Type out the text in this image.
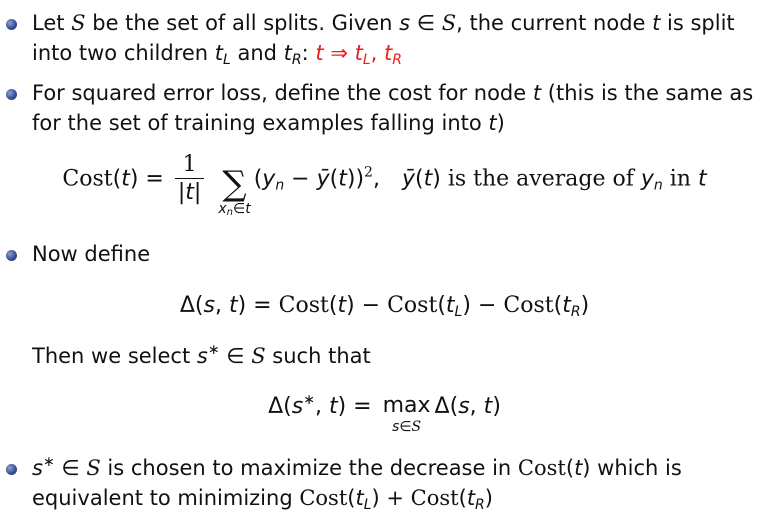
Let S be the set of all splits. Given s ∈ S, the current node t is split
into two children $t_L$ and $t_R$: t ⇒ $t_L$, $t_R$
For squared error loss, define the cost for node t (this is the same as
for the set of training examples falling into t)
Cost(t) = $\frac{1}{|t|}$
∑
$x_n\in t$
($y_n$ − ȳ(t))$^2$, ȳ(t) is the average of $y_n$ in t
Now define
Δ(s, t) = Cost(t) − $Cost(t_L)$ − $Cost(t_R)$
Then we select s∗ ∈ S such that
Δ(s∗, t) = max
s∈S
Δ(s, t)
s∗ ∈ S is chosen to maximize the decrease in Cost(t) which is
equivalent to minimizing $Cost(t_L)$ + $Cost(t_R)$
